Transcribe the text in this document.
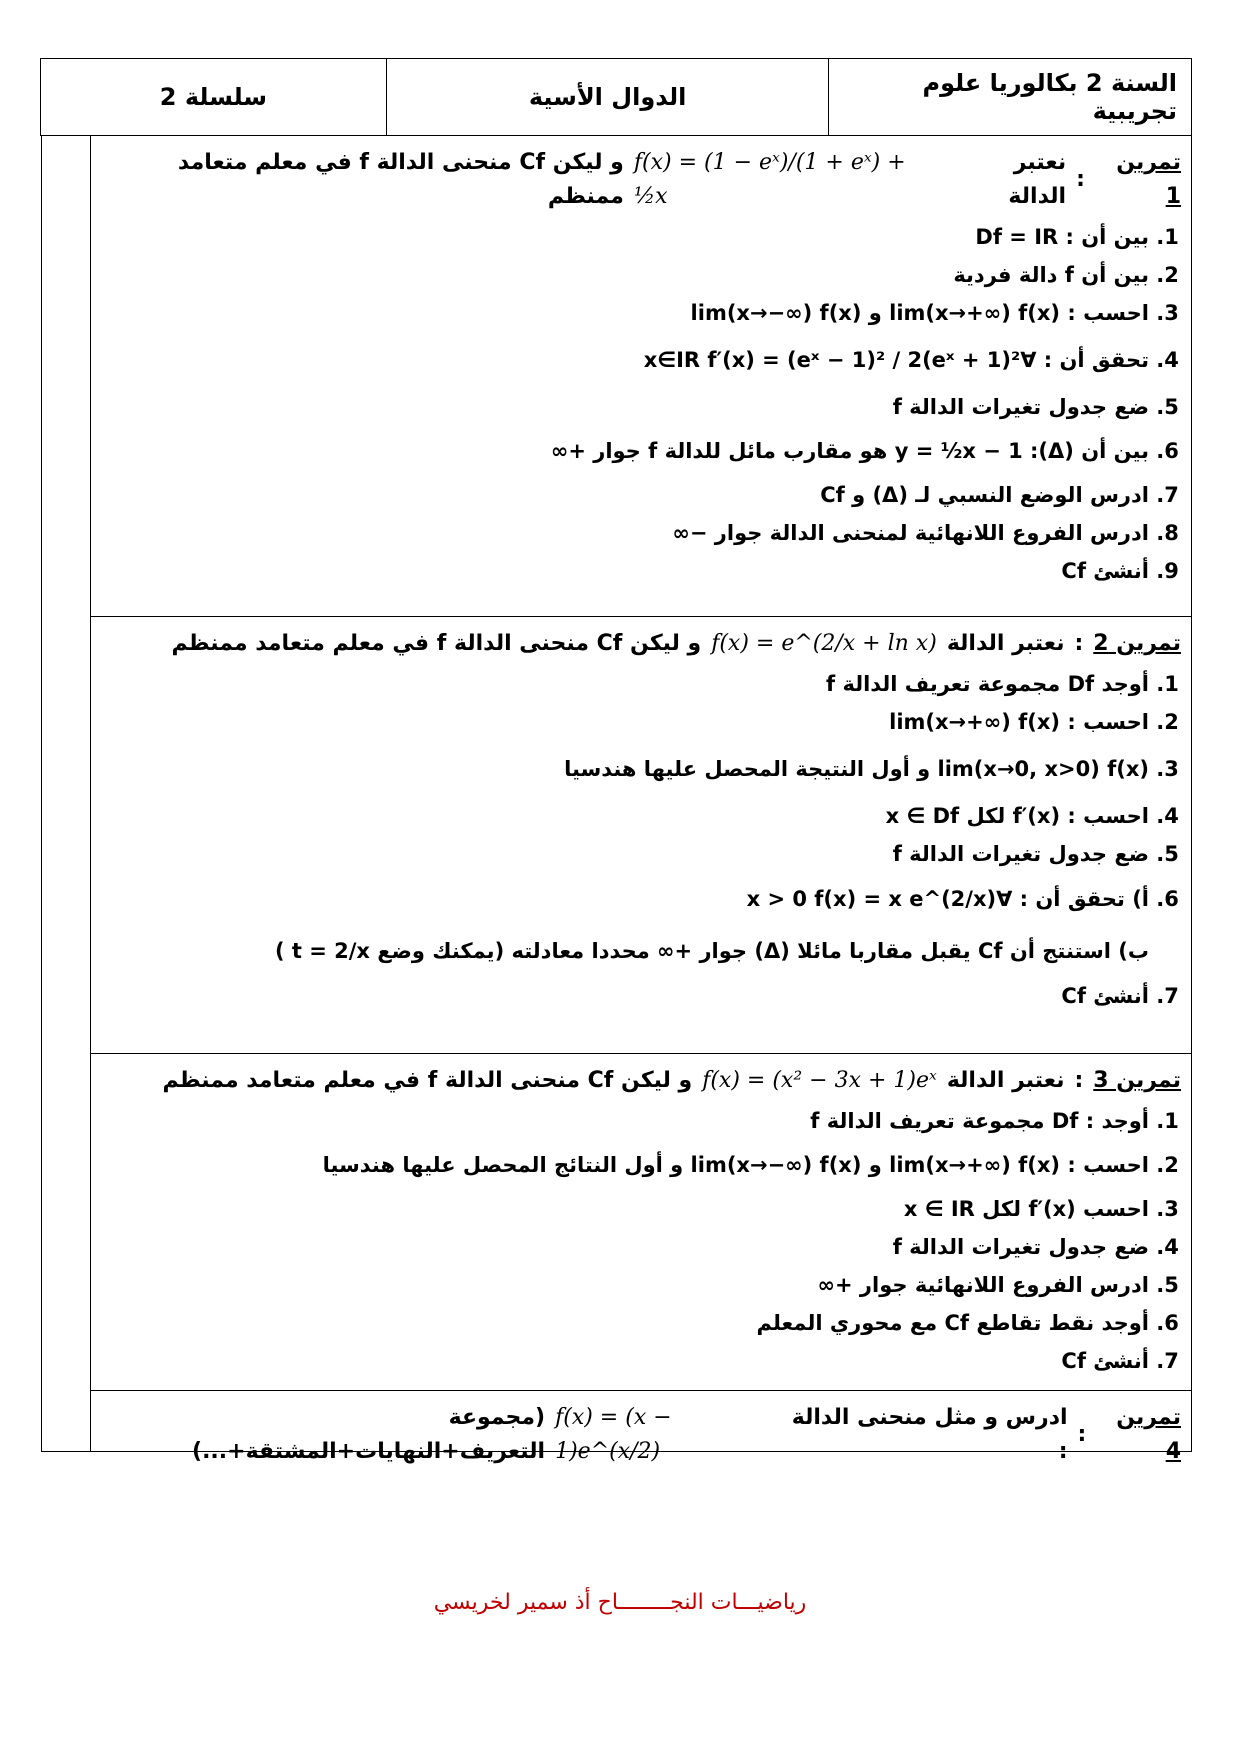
السنة 2 بكالوريا علوم تجريبية	الدوال الأسية	سلسلة 2
تمرين 1
:
نعتبر الدالة
f(x) = (1 − eˣ)/(1 + eˣ) + ½x
و ليكن Cf منحنى الدالة f في معلم متعامد ممنظم
1. بين أن : Df = IR
2. بين أن f دالة فردية
3. احسب : lim(x→+∞) f(x) و lim(x→−∞) f(x)
4. تحقق أن : ∀x∈IR f′(x) = (eˣ − 1)² / 2(eˣ + 1)²
5. ضع جدول تغيرات الدالة f
6. بين أن (Δ): y = ½x − 1 هو مقارب مائل للدالة f جوار +∞
7. ادرس الوضع النسبي لـ (Δ) و Cf
8. ادرس الفروع اللانهائية لمنحنى الدالة جوار −∞
9. أنشئ Cf
تمرين 2
:
نعتبر الدالة
f(x) = e^(2/x + ln x)
و ليكن Cf منحنى الدالة f في معلم متعامد ممنظم
1. أوجد Df مجموعة تعريف الدالة f
2. احسب : lim(x→+∞) f(x)
3. lim(x→0, x>0) f(x) و أول النتيجة المحصل عليها هندسيا
4. احسب : f′(x) لكل x ∈ Df
5. ضع جدول تغيرات الدالة f
6. أ) تحقق أن : ∀x > 0 f(x) = x e^(2/x)
ب) استنتج أن Cf يقبل مقاربا مائلا (Δ) جوار +∞ محددا معادلته (يمكنك وضع t = 2/x )
7. أنشئ Cf
تمرين 3
:
نعتبر الدالة
f(x) = (x² − 3x + 1)eˣ
و ليكن Cf منحنى الدالة f في معلم متعامد ممنظم
1. أوجد : Df مجموعة تعريف الدالة f
2. احسب : lim(x→+∞) f(x) و lim(x→−∞) f(x) و أول النتائج المحصل عليها هندسيا
3. احسب f′(x) لكل x ∈ IR
4. ضع جدول تغيرات الدالة f
5. ادرس الفروع اللانهائية جوار +∞
6. أوجد نقط تقاطع Cf مع محوري المعلم
7. أنشئ Cf
تمرين 4
:
ادرس و مثل منحنى الدالة :
f(x) = (x − 1)e^(x/2)
(مجموعة التعريف+النهايات+المشتقة+...)
رياضيـــات النجــــــــاح أذ سمير لخريسي
